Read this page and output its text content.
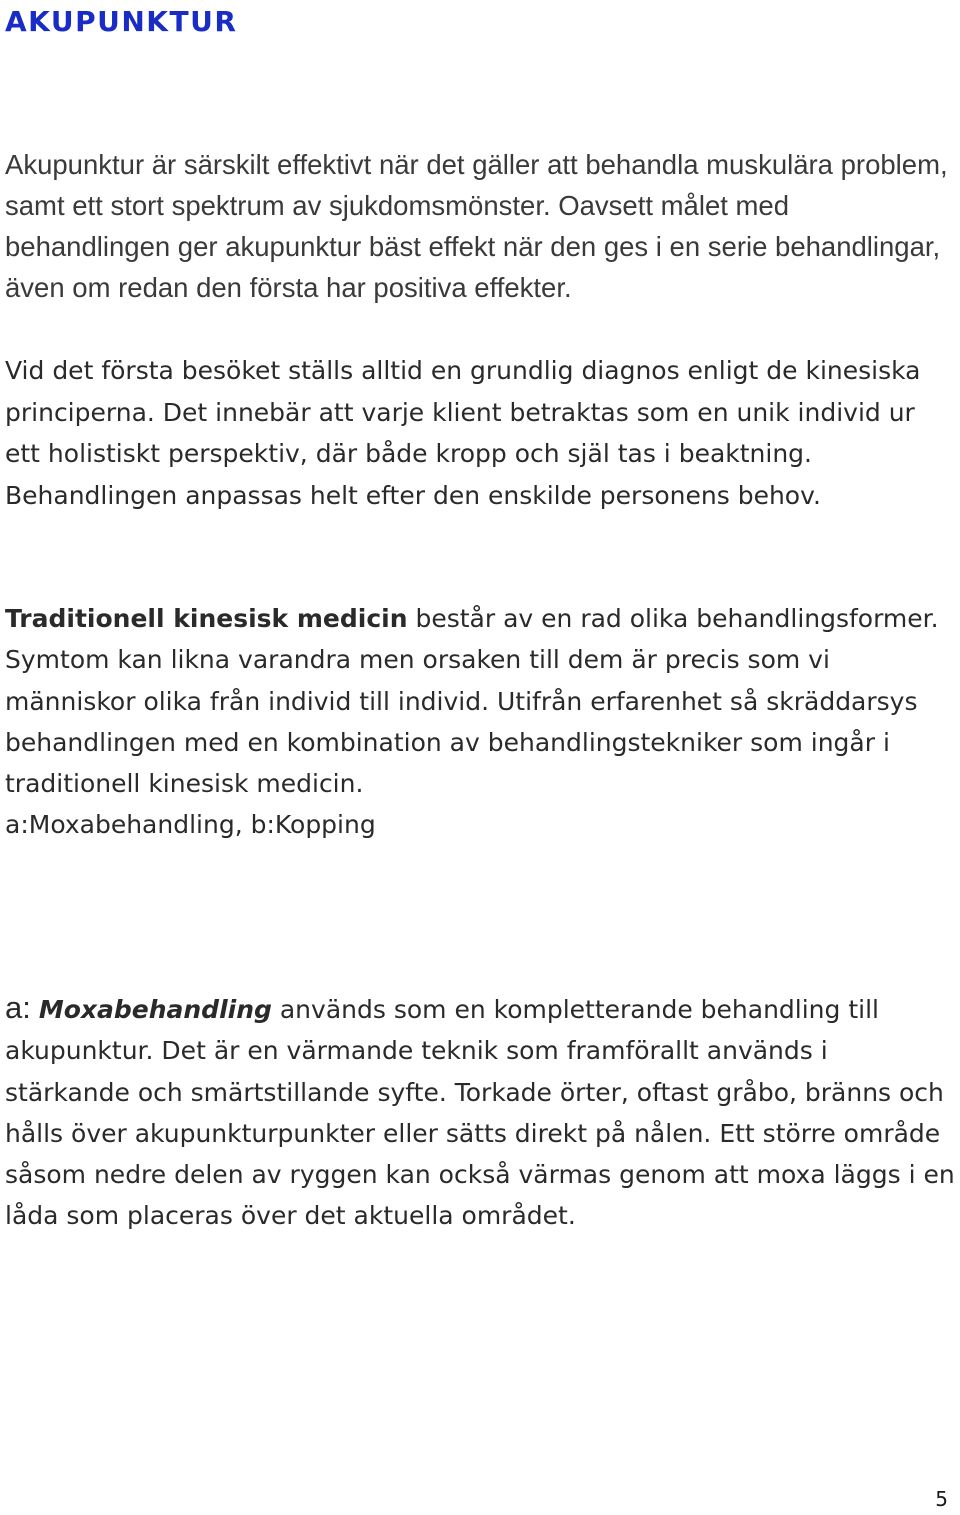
AKUPUNKTUR

Akupunktur är särskilt effektivt när det gäller att behandla muskulära problem, samt ett stort spektrum av sjukdomsmönster. Oavsett målet med behandlingen ger akupunktur bäst effekt när den ges i en serie behandlingar, även om redan den första har positiva effekter.

Vid det första besöket ställs alltid en grundlig diagnos enligt de kinesiska principerna. Det innebär att varje klient betraktas som en unik individ ur ett holistiskt perspektiv, där både kropp och själ tas i beaktning. Behandlingen anpassas helt efter den enskilde personens behov.

Traditionell kinesisk medicin består av en rad olika behandlingsformer. Symtom kan likna varandra men orsaken till dem är precis som vi människor olika från individ till individ. Utifrån erfarenhet så skräddarsys behandlingen med en kombination av behandlingstekniker som ingår i traditionell kinesisk medicin.
a:Moxabehandling, b:Kopping

a: Moxabehandling används som en kompletterande behandling till akupunktur. Det är en värmande teknik som framförallt används i stärkande och smärtstillande syfte. Torkade örter, oftast gråbo, bränns och hålls över akupunkturpunkter eller sätts direkt på nålen. Ett större område såsom nedre delen av ryggen kan också värmas genom att moxa läggs i en låda som placeras över det aktuella området.

5
